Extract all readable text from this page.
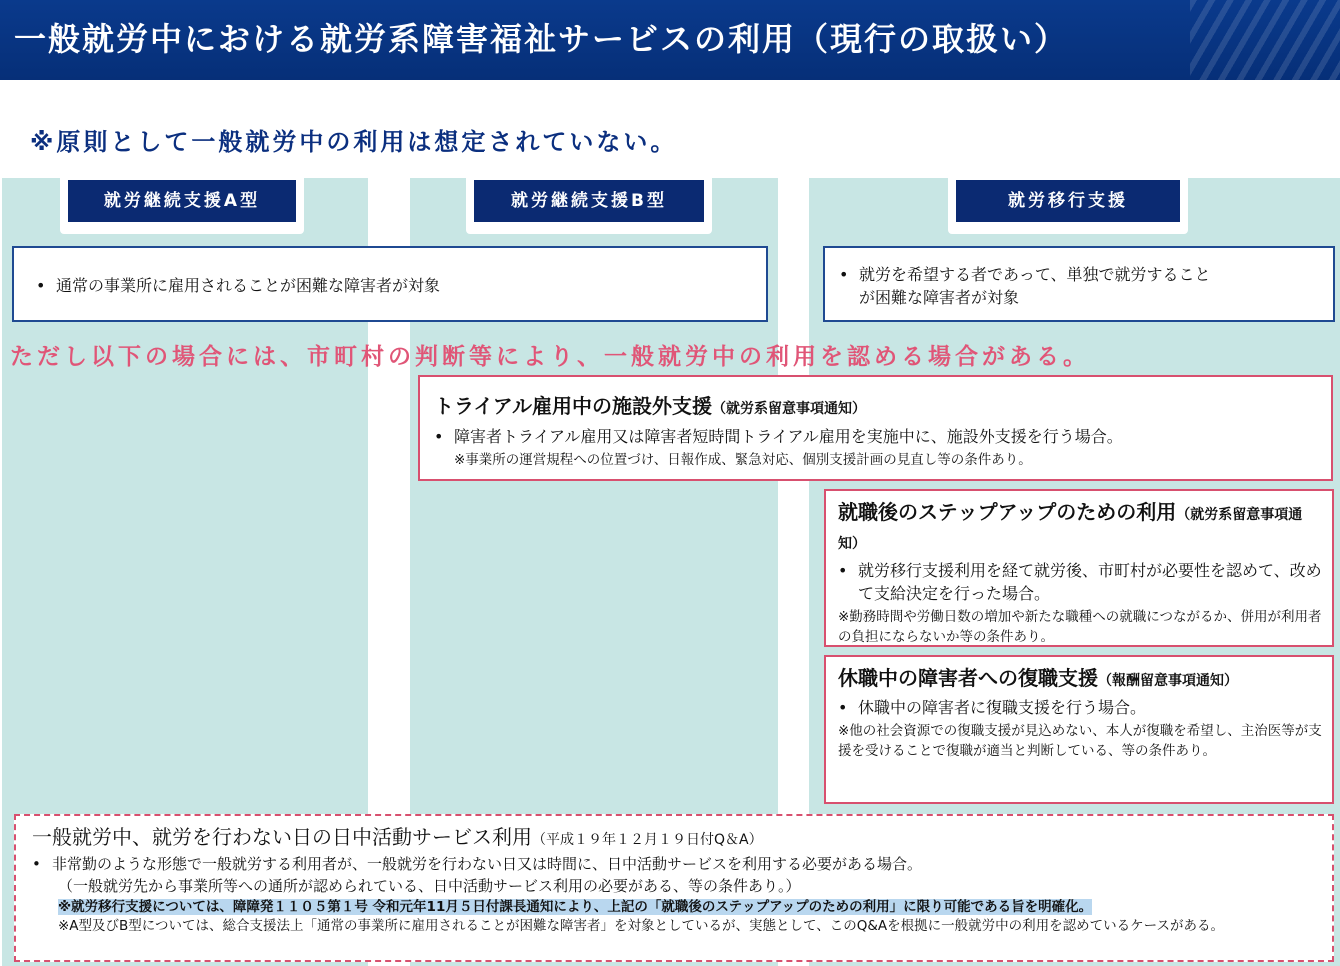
一般就労中における就労系障害福祉サービスの利用（現行の取扱い）
※原則として一般就労中の利用は想定されていない。
就労継続支援A型	就労継続支援B型	就労移行支援
• 通常の事業所に雇用されることが困難な障害者が対象
• 就労を希望する者であって、単独で就労すること
が困難な障害者が対象
ただし以下の場合には、市町村の判断等により、一般就労中の利用を認める場合がある。
トライアル雇用中の施設外支援（就労系留意事項通知）
• 障害者トライアル雇用又は障害者短時間トライアル雇用を実施中に、施設外支援を行う場合。
※事業所の運営規程への位置づけ、日報作成、緊急対応、個別支援計画の見直し等の条件あり。
就職後のステップアップのための利用（就労系留意事項通知）
• 就労移行支援利用を経て就労後、市町村が必要性を認めて、改めて支給決定を行った場合。
※勤務時間や労働日数の増加や新たな職種への就職につながるか、併用が利用者の負担にならないか等の条件あり。
休職中の障害者への復職支援（報酬留意事項通知）
• 休職中の障害者に復職支援を行う場合。
※他の社会資源での復職支援が見込めない、本人が復職を希望し、主治医等が支援を受けることで復職が適当と判断している、等の条件あり。
一般就労中、就労を行わない日の日中活動サービス利用（平成１９年１２月１９日付Q＆A）
• 非常勤のような形態で一般就労する利用者が、一般就労を行わない日又は時間に、日中活動サービスを利用する必要がある場合。
（一般就労先から事業所等への通所が認められている、日中活動サービス利用の必要がある、等の条件あり。）
※就労移行支援については、障障発１１０５第１号 令和元年11月５日付課長通知により、上記の「就職後のステップアップのための利用」に限り可能である旨を明確化。
※A型及びB型については、総合支援法上「通常の事業所に雇用されることが困難な障害者」を対象としているが、実態として、このQ&Aを根拠に一般就労中の利用を認めているケースがある。
